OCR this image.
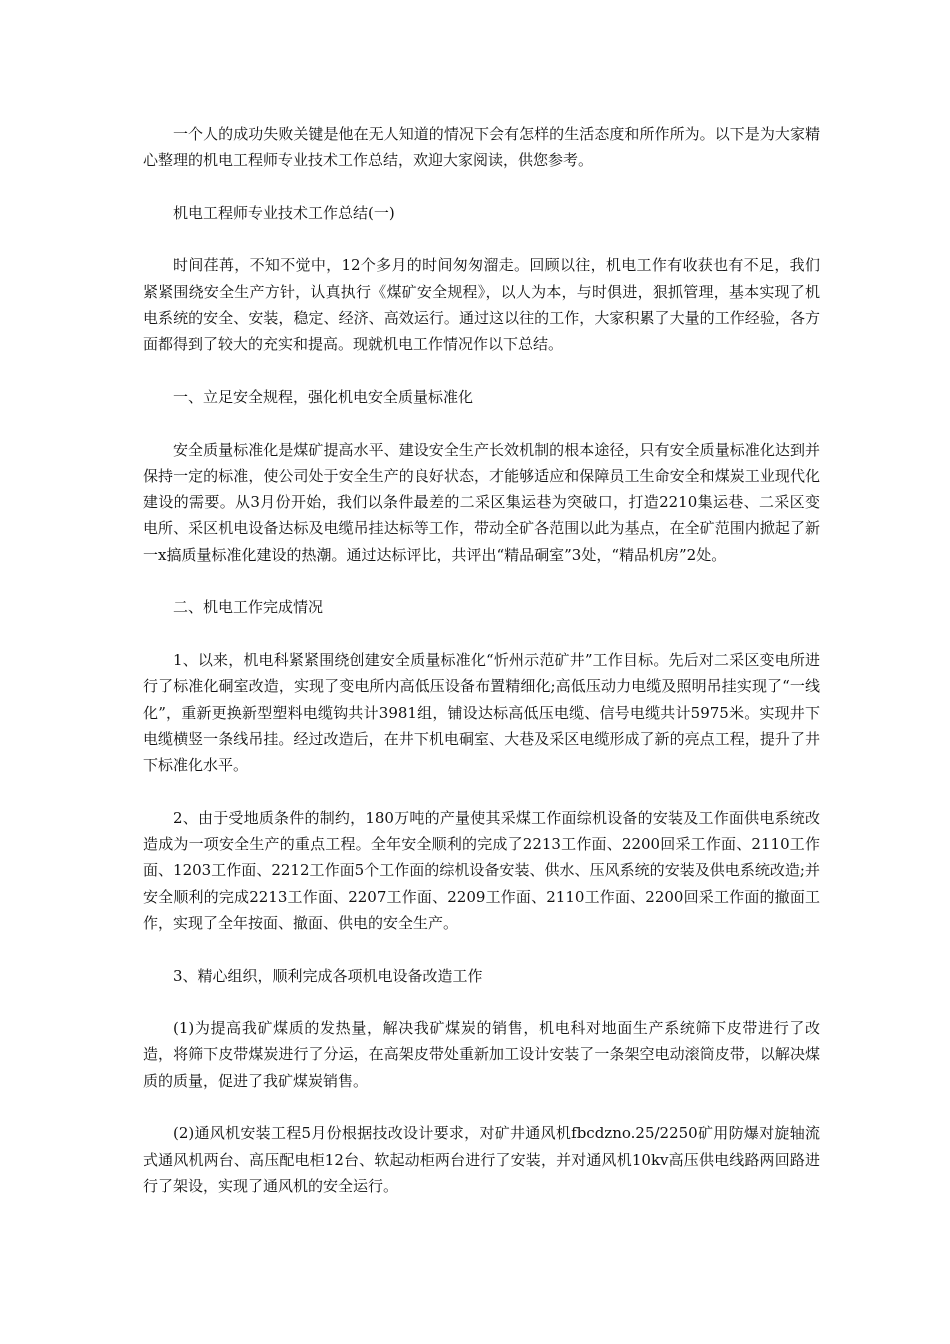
一个人的成功失败关键是他在无人知道的情况下会有怎样的生活态度和所作所为。以下是为大家精心整理的机电工程师专业技术工作总结，欢迎大家阅读，供您参考。

机电工程师专业技术工作总结(一)

时间荏苒，不知不觉中，12个多月的时间匆匆溜走。回顾以往，机电工作有收获也有不足，我们紧紧围绕安全生产方针，认真执行《煤矿安全规程》，以人为本，与时俱进，狠抓管理，基本实现了机电系统的安全、安装，稳定、经济、高效运行。通过这以往的工作，大家积累了大量的工作经验，各方面都得到了较大的充实和提高。现就机电工作情况作以下总结。

一、立足安全规程，强化机电安全质量标准化

安全质量标准化是煤矿提高水平、建设安全生产长效机制的根本途径，只有安全质量标准化达到并保持一定的标准，使公司处于安全生产的良好状态，才能够适应和保障员工生命安全和煤炭工业现代化建设的需要。从3月份开始，我们以条件最差的二采区集运巷为突破口，打造2210集运巷、二采区变电所、采区机电设备达标及电缆吊挂达标等工作，带动全矿各范围以此为基点，在全矿范围内掀起了新一x搞质量标准化建设的热潮。通过达标评比，共评出“精品硐室”3处，“精品机房”2处。

二、机电工作完成情况

1、以来，机电科紧紧围绕创建安全质量标准化“忻州示范矿井”工作目标。先后对二采区变电所进行了标准化硐室改造，实现了变电所内高低压设备布置精细化;高低压动力电缆及照明吊挂实现了“一线化”，重新更换新型塑料电缆钩共计3981组，铺设达标高低压电缆、信号电缆共计5975米。实现井下电缆横竖一条线吊挂。经过改造后，在井下机电硐室、大巷及采区电缆形成了新的亮点工程，提升了井下标准化水平。

2、由于受地质条件的制约，180万吨的产量使其采煤工作面综机设备的安装及工作面供电系统改造成为一项安全生产的重点工程。全年安全顺利的完成了2213工作面、2200回采工作面、2110工作面、1203工作面、2212工作面5个工作面的综机设备安装、供水、压风系统的安装及供电系统改造;并安全顺利的完成2213工作面、2207工作面、2209工作面、2110工作面、2200回采工作面的撤面工作，实现了全年按面、撤面、供电的安全生产。

3、精心组织，顺利完成各项机电设备改造工作

(1)为提高我矿煤质的发热量，解决我矿煤炭的销售，机电科对地面生产系统筛下皮带进行了改造，将筛下皮带煤炭进行了分运，在高架皮带处重新加工设计安装了一条架空电动滚筒皮带，以解决煤质的质量，促进了我矿煤炭销售。

(2)通风机安装工程5月份根据技改设计要求，对矿井通风机fbcdzno.25/2250矿用防爆对旋轴流式通风机两台、高压配电柜12台、软起动柜两台进行了安装，并对通风机10kv高压供电线路两回路进行了架设，实现了通风机的安全运行。
